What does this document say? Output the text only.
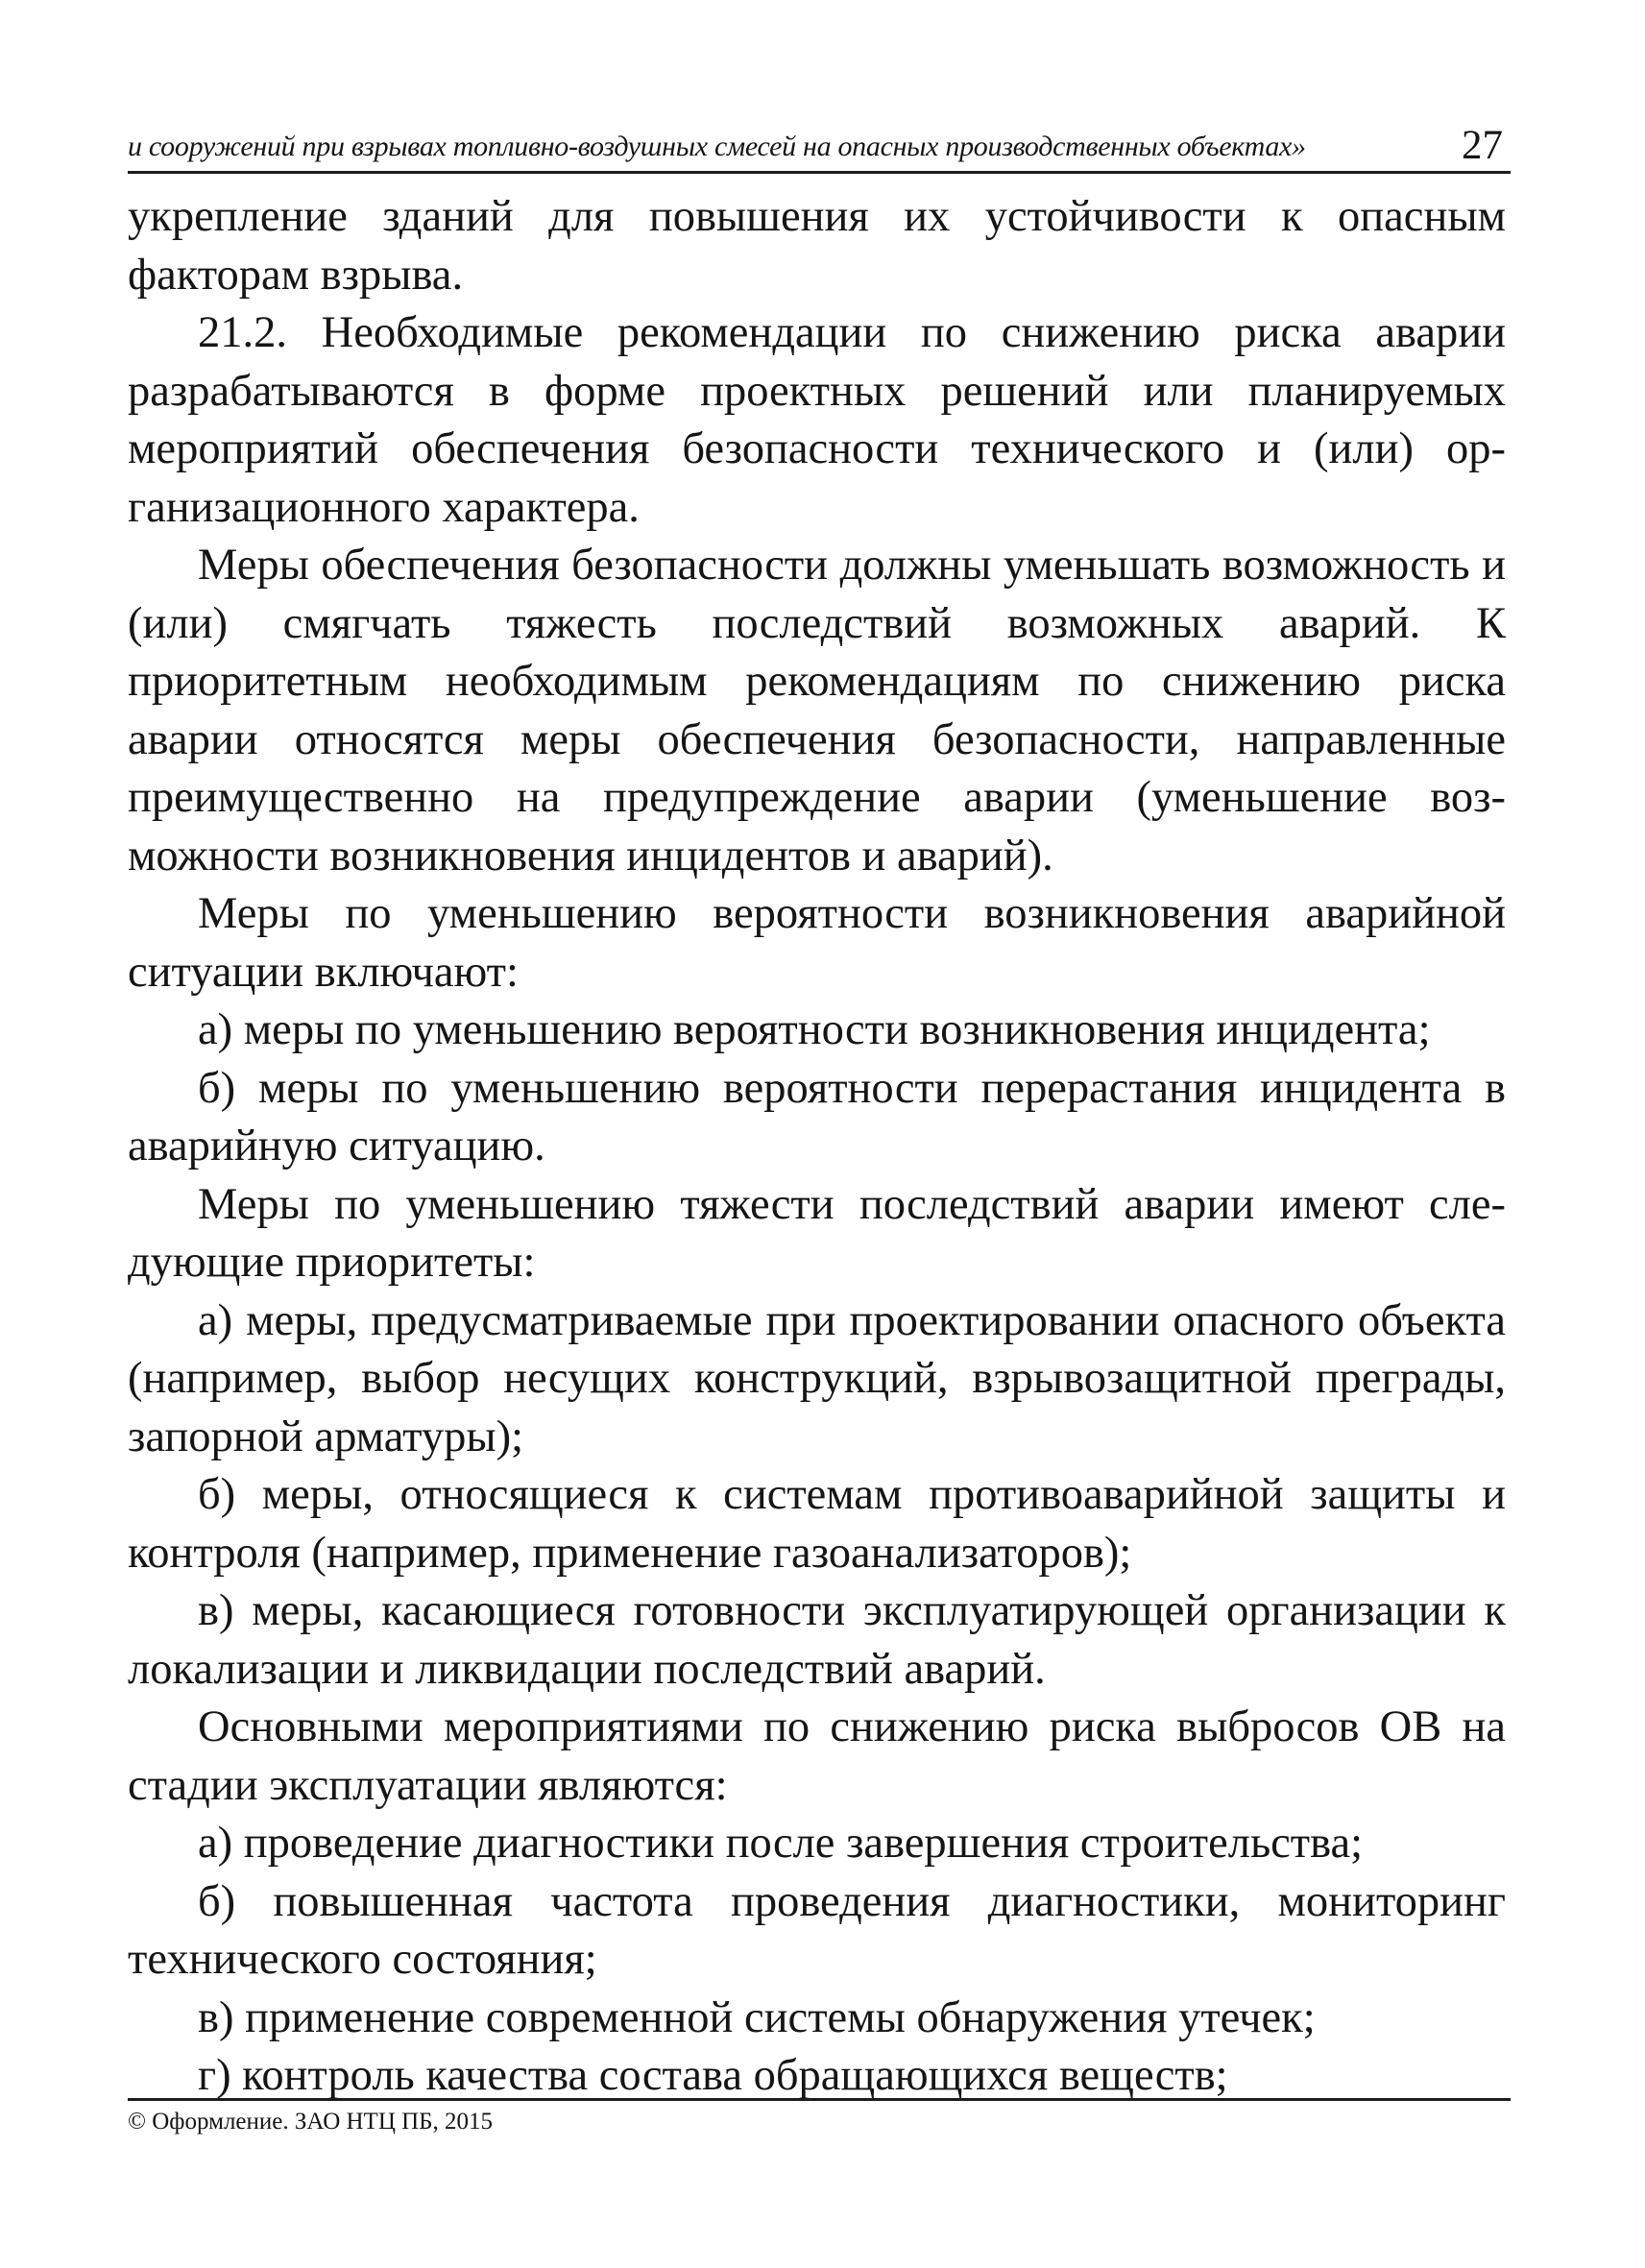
и сооружений при взрывах топливно-воздушных смесей на опасных производственных объектах»	27

укрепление зданий для повышения их устойчивости к опасным факторам взрыва.

21.2. Необходимые рекомендации по снижению риска аварии разрабатываются в форме проектных решений или планируемых мероприятий обеспечения безопасности технического и (или) организационного характера.

Меры обеспечения безопасности должны уменьшать возможность и (или) смягчать тяжесть последствий возможных аварий. К приоритетным необходимым рекомендациям по снижению риска аварии относятся меры обеспечения безопасности, направленные преимущественно на предупреждение аварии (уменьшение возможности возникновения инцидентов и аварий).

Меры по уменьшению вероятности возникновения аварийной ситуации включают:

а) меры по уменьшению вероятности возникновения инцидента;

б) меры по уменьшению вероятности перерастания инцидента в аварийную ситуацию.

Меры по уменьшению тяжести последствий аварии имеют следующие приоритеты:

а) меры, предусматриваемые при проектировании опасного объекта (например, выбор несущих конструкций, взрывозащитной преграды, запорной арматуры);

б) меры, относящиеся к системам противоаварийной защиты и контроля (например, применение газоанализаторов);

в) меры, касающиеся готовности эксплуатирующей организации к локализации и ликвидации последствий аварий.

Основными мероприятиями по снижению риска выбросов ОВ на стадии эксплуатации являются:

а) проведение диагностики после завершения строительства;

б) повышенная частота проведения диагностики, мониторинг технического состояния;

в) применение современной системы обнаружения утечек;

г) контроль качества состава обращающихся веществ;

© Оформление. ЗАО НТЦ ПБ, 2015
